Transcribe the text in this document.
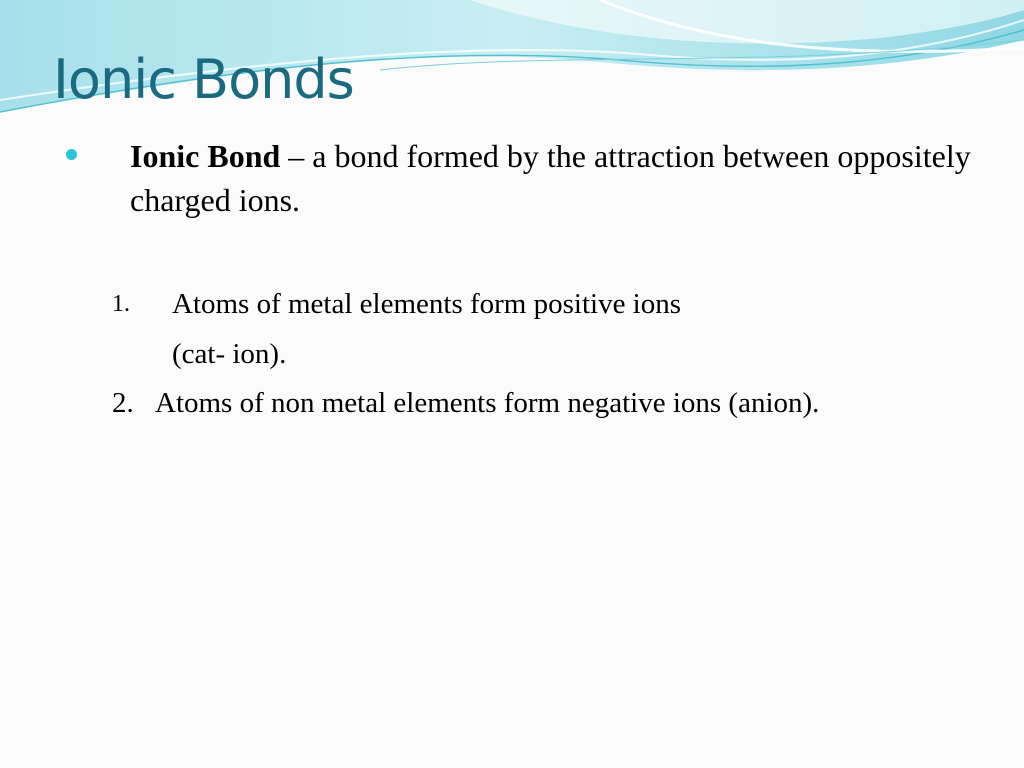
Ionic Bonds

Ionic Bond – a bond formed by the attraction between oppositely charged ions.

1. Atoms of metal elements form positive ions
(cat- ion).
2. Atoms of non metal elements form negative ions (anion).
